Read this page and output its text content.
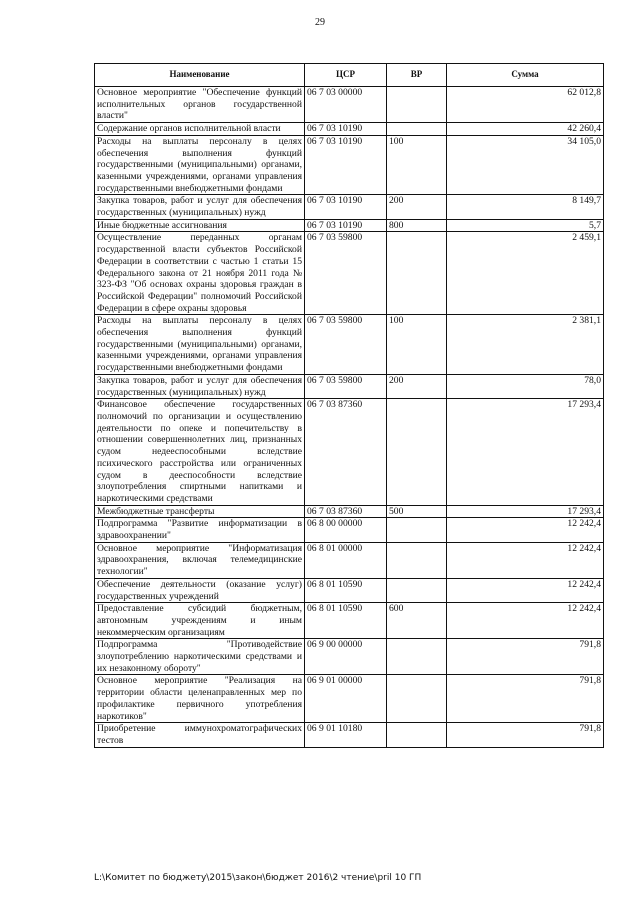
29
Наименование	ЦСР	ВР	Сумма
Основное мероприятие "Обеспечение функций исполнительных органов государственной власти"	06 7 03 00000		62 012,8
Содержание органов исполнительной власти	06 7 03 10190		42 260,4
Расходы на выплаты персоналу в целях обеспечения выполнения функций государственными (муниципальными) органами, казенными учреждениями, органами управления государственными внебюджетными фондами	06 7 03 10190	100	34 105,0
Закупка товаров, работ и услуг для обеспечения государственных (муниципальных) нужд	06 7 03 10190	200	8 149,7
Иные бюджетные ассигнования	06 7 03 10190	800	5,7
Осуществление переданных органам государственной власти субъектов Российской Федерации в соответствии с частью 1 статьи 15 Федерального закона от 21 ноября 2011 года № 323-ФЗ "Об основах охраны здоровья граждан в Российской Федерации" полномочий Российской Федерации в сфере охраны здоровья	06 7 03 59800		2 459,1
Расходы на выплаты персоналу в целях обеспечения выполнения функций государственными (муниципальными) органами, казенными учреждениями, органами управления государственными внебюджетными фондами	06 7 03 59800	100	2 381,1
Закупка товаров, работ и услуг для обеспечения государственных (муниципальных) нужд	06 7 03 59800	200	78,0
Финансовое обеспечение государственных полномочий по организации и осуществлению деятельности по опеке и попечительству в отношении совершеннолетних лиц, признанных судом недееспособными вследствие психического расстройства или ограниченных судом в дееспособности вследствие злоупотребления спиртными напитками и наркотическими средствами	06 7 03 87360		17 293,4
Межбюджетные трансферты	06 7 03 87360	500	17 293,4
Подпрограмма "Развитие информатизации в здравоохранении"	06 8 00 00000		12 242,4
Основное мероприятие "Информатизация здравоохранения, включая телемедицинские технологии"	06 8 01 00000		12 242,4
Обеспечение деятельности (оказание услуг) государственных учреждений	06 8 01 10590		12 242,4
Предоставление субсидий бюджетным, автономным учреждениям и иным некоммерческим организациям	06 8 01 10590	600	12 242,4
Подпрограмма "Противодействие злоупотреблению наркотическими средствами и их незаконному обороту"	06 9 00 00000		791,8
Основное мероприятие "Реализация на территории области целенаправленных мер по профилактике первичного употребления наркотиков"	06 9 01 00000		791,8
Приобретение иммунохроматографических тестов	06 9 01 10180		791,8
L:\Комитет по бюджету\2015\закон\бюджет 2016\2 чтение\pril 10 ГП
